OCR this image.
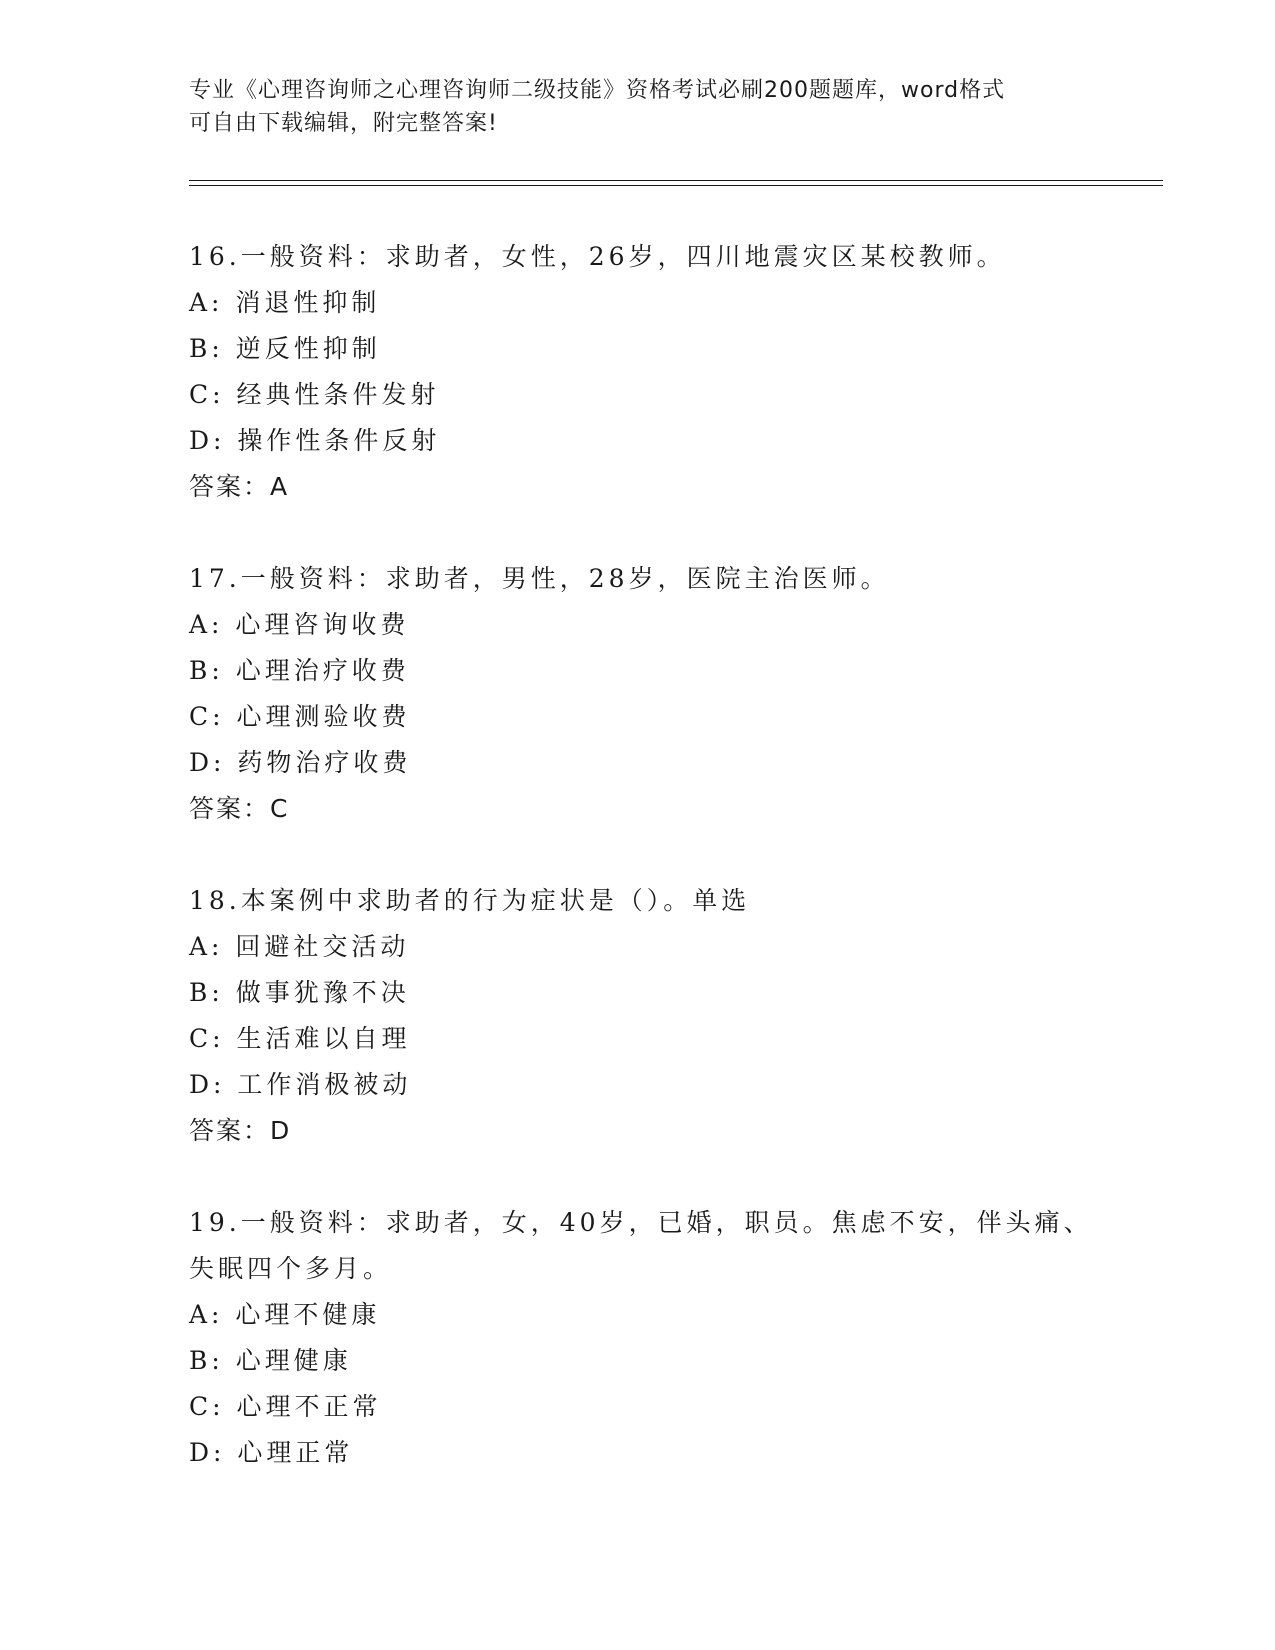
专业《心理咨询师之心理咨询师二级技能》资格考试必刷200题题库，word格式
可自由下载编辑，附完整答案!
16.一般资料：求助者，女性，26岁，四川地震灾区某校教师。
A: 消退性抑制
B: 逆反性抑制
C: 经典性条件发射
D: 操作性条件反射
答案：A
17.一般资料：求助者，男性，28岁，医院主治医师。
A: 心理咨询收费
B: 心理治疗收费
C: 心理测验收费
D: 药物治疗收费
答案：C
18.本案例中求助者的行为症状是（）。单选
A: 回避社交活动
B: 做事犹豫不决
C: 生活难以自理
D: 工作消极被动
答案：D
19.一般资料：求助者，女，40岁，已婚，职员。焦虑不安，伴头痛、失眠四个多月。
A: 心理不健康
B: 心理健康
C: 心理不正常
D: 心理正常
